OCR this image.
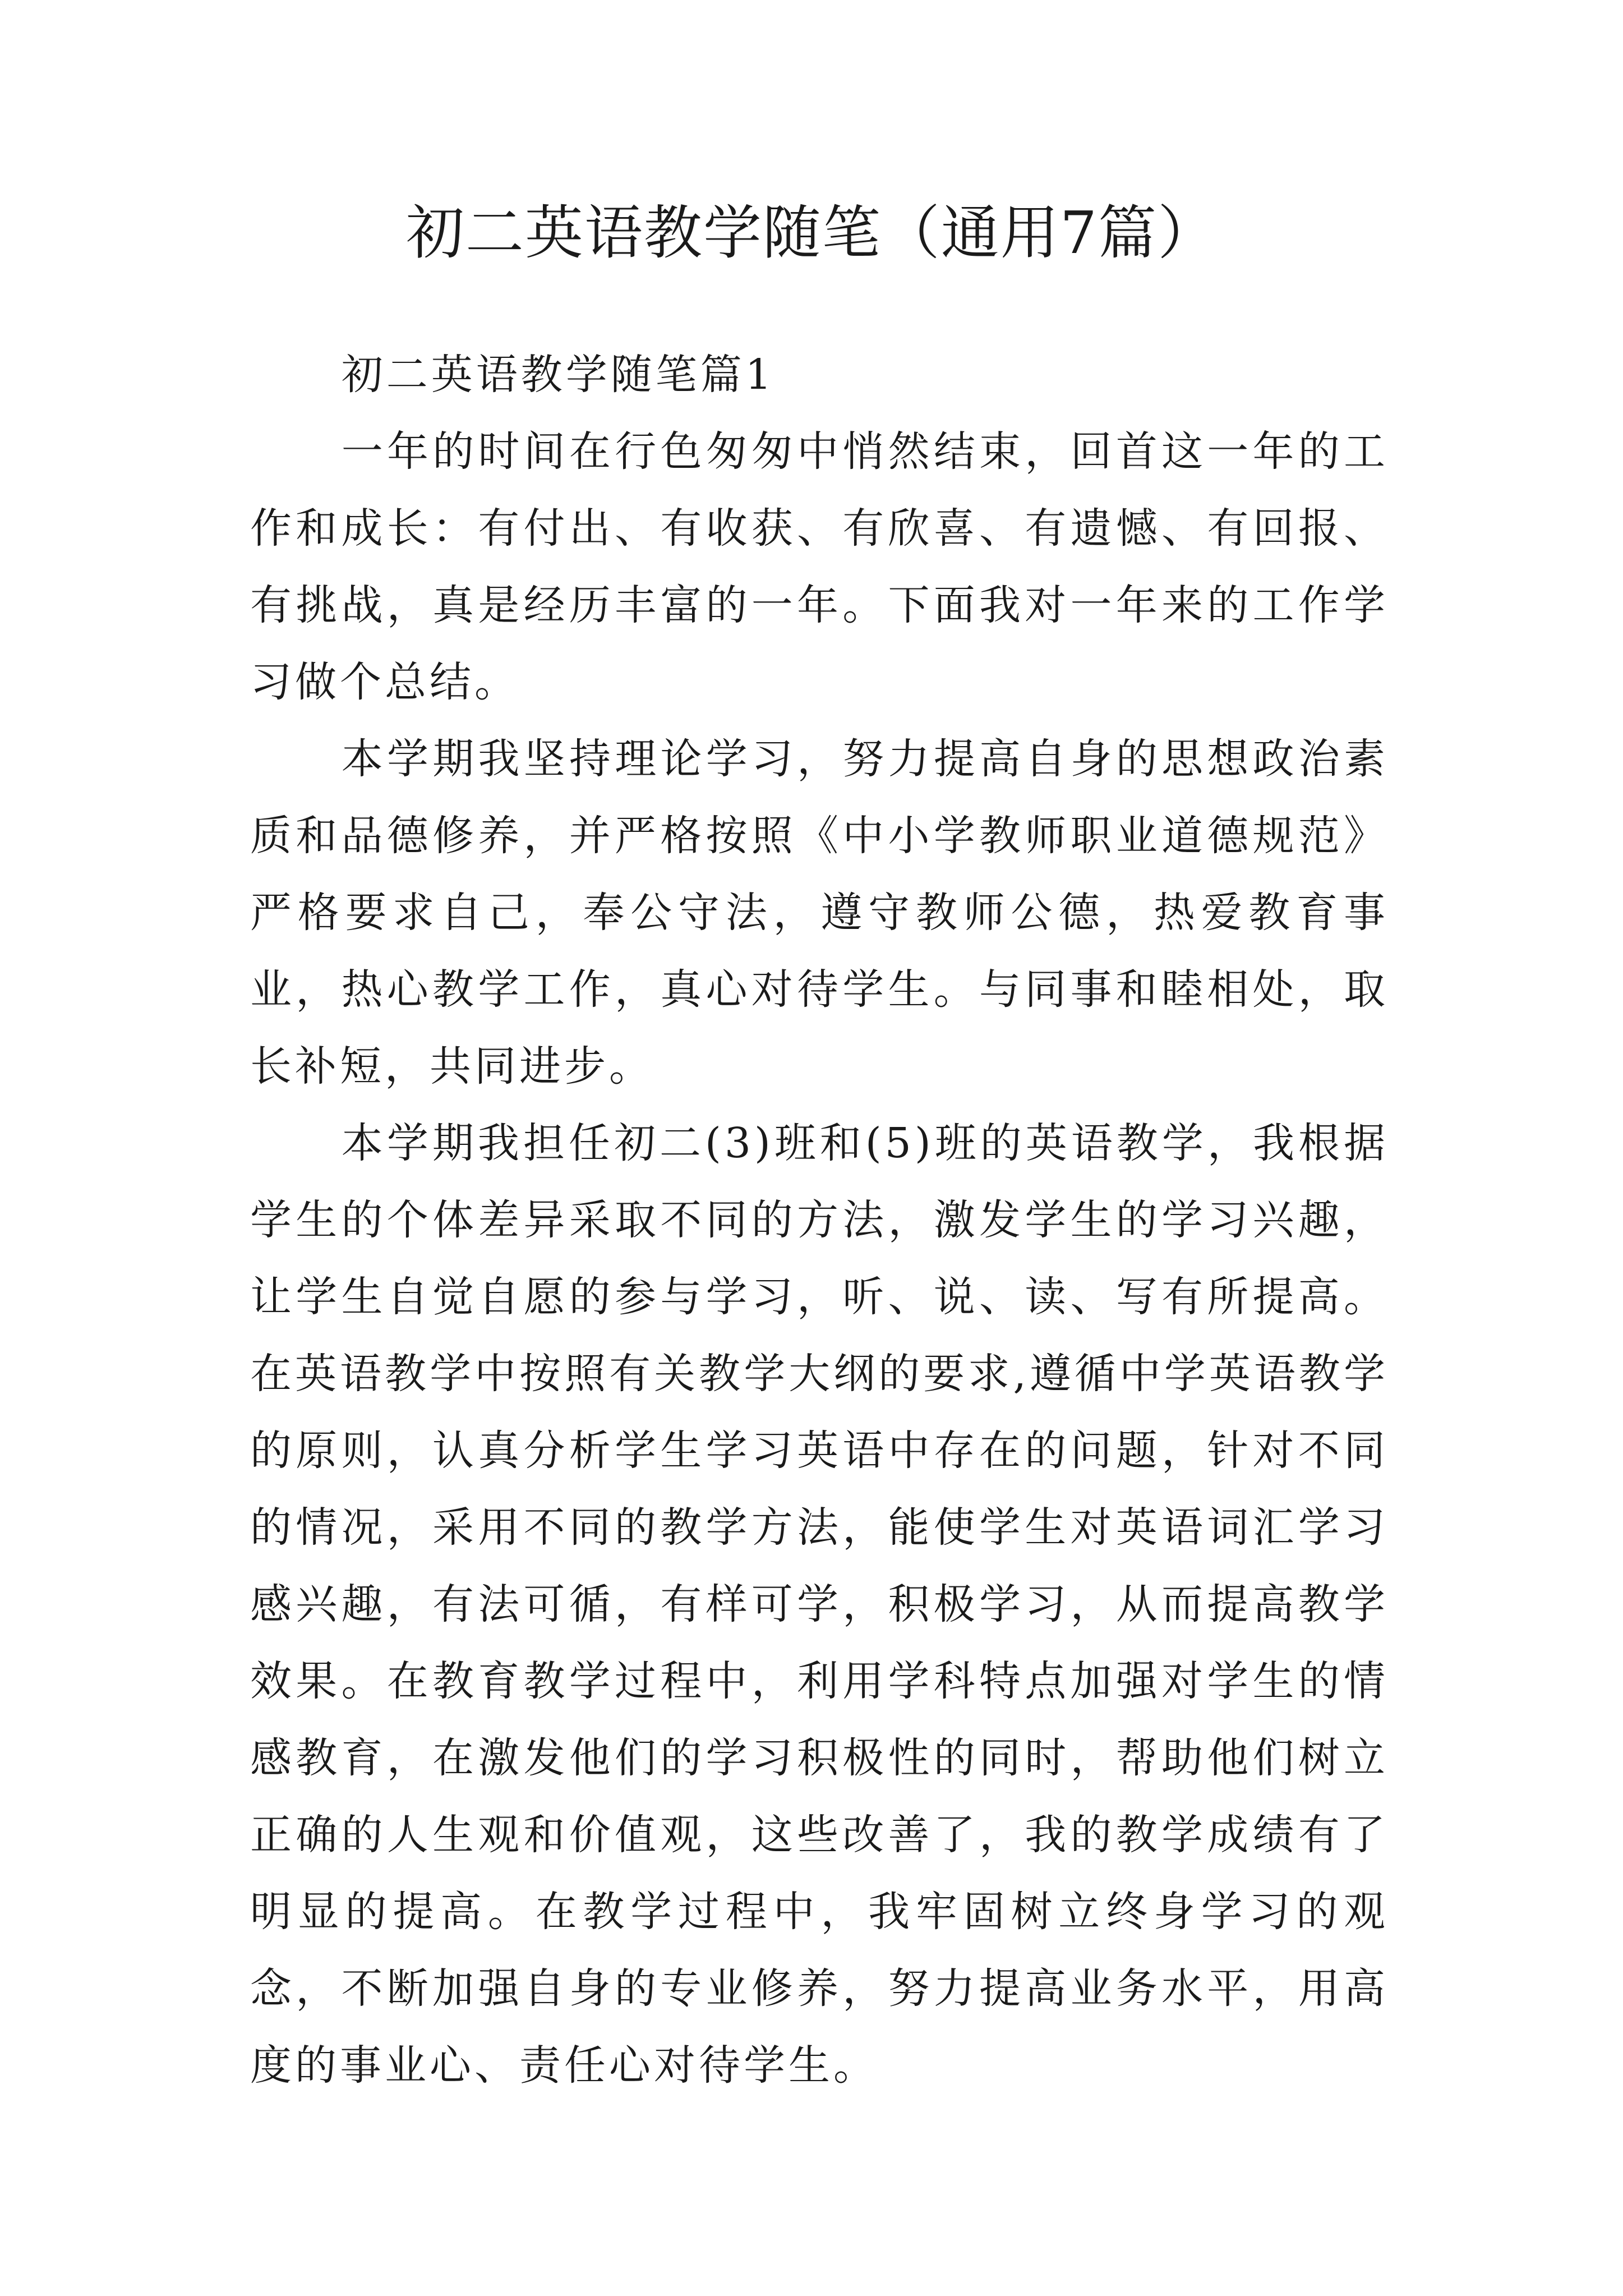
初二英语教学随笔（通用7篇）
初二英语教学随笔篇1

一年的时间在行色匆匆中悄然结束，回首这一年的工作和成长：有付出、有收获、有欣喜、有遗憾、有回报、有挑战，真是经历丰富的一年。下面我对一年来的工作学习做个总结。

本学期我坚持理论学习，努力提高自身的思想政治素质和品德修养，并严格按照《中小学教师职业道德规范》严格要求自己，奉公守法，遵守教师公德，热爱教育事业，热心教学工作，真心对待学生。与同事和睦相处，取长补短，共同进步。

本学期我担任初二(3)班和(5)班的英语教学，我根据学生的个体差异采取不同的方法，激发学生的学习兴趣，让学生自觉自愿的参与学习，听、说、读、写有所提高。在英语教学中按照有关教学大纲的要求,遵循中学英语教学的原则，认真分析学生学习英语中存在的问题，针对不同的情况，采用不同的教学方法，能使学生对英语词汇学习感兴趣，有法可循，有样可学，积极学习，从而提高教学效果。在教育教学过程中，利用学科特点加强对学生的情感教育，在激发他们的学习积极性的同时，帮助他们树立正确的人生观和价值观，这些改善了，我的教学成绩有了明显的提高。在教学过程中，我牢固树立终身学习的观念，不断加强自身的专业修养，努力提高业务水平，用高度的事业心、责任心对待学生。
